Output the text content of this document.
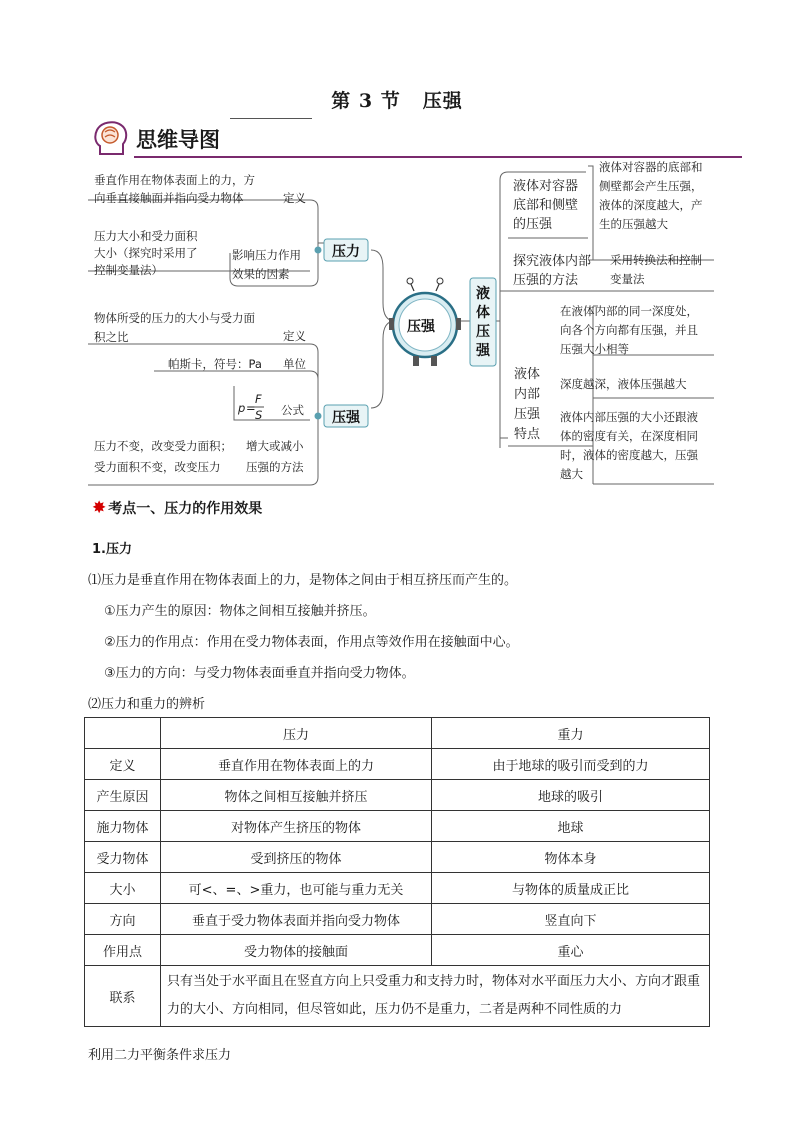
第 3 节 压强
思维导图
垂直作用在物体表面上的力，方
向垂直接触面并指向受力物体	定义
压力大小和受力面积
大小（探究时采用了
控制变量法）
影响压力作用
效果的因素
压力
物体所受的压力的大小与受力面
积之比	定义
帕斯卡，符号：Pa 单位
p =
F
S 公式
压力不变，改变受力面积；
受力面积不变，改变压力
增大或减小
压强的方法
压强
压强
液
体
压
强
液体对容器
底部和侧壁
的压强
液体对容器的底部和
侧壁都会产生压强，
液体的深度越大，产
生的压强越大
探究液体内部
压强的方法
采用转换法和控制
变量法
液体
内部
压强
特点
在液体内部的同一深度处，
向各个方向都有压强，并且
压强大小相等
深度越深，液体压强越大
液体内部压强的大小还跟液
体的密度有关，在深度相同
时，液体的密度越大，压强
越大
✸ 考点一、压力的作用效果
1.压力
⑴压力是垂直作用在物体表面上的力，是物体之间由于相互挤压而产生的。
①压力产生的原因：物体之间相互接触并挤压。
②压力的作用点：作用在受力物体表面，作用点等效作用在接触面中心。
③压力的方向：与受力物体表面垂直并指向受力物体。
⑵压力和重力的辨析
	压力	重力
定义	垂直作用在物体表面上的力	由于地球的吸引而受到的力
产生原因	物体之间相互接触并挤压	地球的吸引
施力物体	对物体产生挤压的物体	地球
受力物体	受到挤压的物体	物体本身
大小	可<、=、>重力，也可能与重力无关	与物体的质量成正比
方向	垂直于受力物体表面并指向受力物体	竖直向下
作用点	受力物体的接触面	重心
联系	只有当处于水平面且在竖直方向上只受重力和支持力时，物体对水平面压力大小、方向才跟重力的大小、方向相同，但尽管如此，压力仍不是重力，二者是两种不同性质的力	
利用二力平衡条件求压力
